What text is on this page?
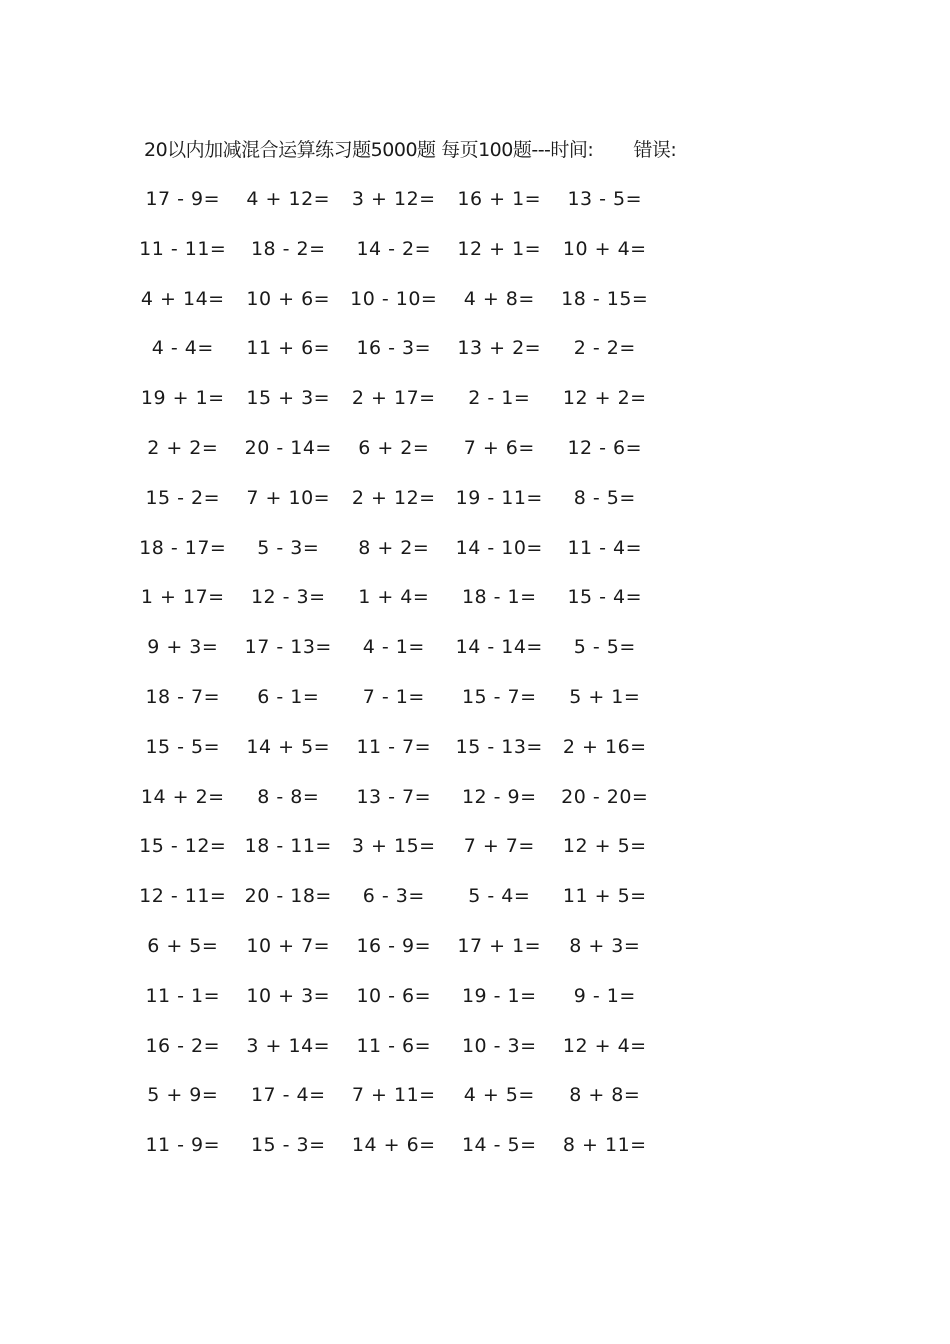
20以内加减混合运算练习题5000题 每页100题---时间: 错误:
17 - 9=	4 + 12=	3 + 12=	16 + 1=	13 - 5=
11 - 11=	18 - 2=	14 - 2=	12 + 1=	10 + 4=
4 + 14=	10 + 6=	10 - 10=	4 + 8=	18 - 15=
4 - 4=	11 + 6=	16 - 3=	13 + 2=	2 - 2=
19 + 1=	15 + 3=	2 + 17=	2 - 1=	12 + 2=
2 + 2=	20 - 14=	6 + 2=	7 + 6=	12 - 6=
15 - 2=	7 + 10=	2 + 12=	19 - 11=	8 - 5=
18 - 17=	5 - 3=	8 + 2=	14 - 10=	11 - 4=
1 + 17=	12 - 3=	1 + 4=	18 - 1=	15 - 4=
9 + 3=	17 - 13=	4 - 1=	14 - 14=	5 - 5=
18 - 7=	6 - 1=	7 - 1=	15 - 7=	5 + 1=
15 - 5=	14 + 5=	11 - 7=	15 - 13=	2 + 16=
14 + 2=	8 - 8=	13 - 7=	12 - 9=	20 - 20=
15 - 12= 18 - 11=	3 + 15=	7 + 7=	12 + 5=
12 - 11= 20 - 18=	6 - 3=	5 - 4=	11 + 5=
6 + 5=	10 + 7=	16 - 9=	17 + 1=	8 + 3=
11 - 1=	10 + 3=	10 - 6=	19 - 1=	9 - 1=
16 - 2=	3 + 14=	11 - 6=	10 - 3=	12 + 4=
5 + 9=	17 - 4=	7 + 11=	4 + 5=	8 + 8=
11 - 9=	15 - 3=	14 + 6=	14 - 5=	8 + 11=
